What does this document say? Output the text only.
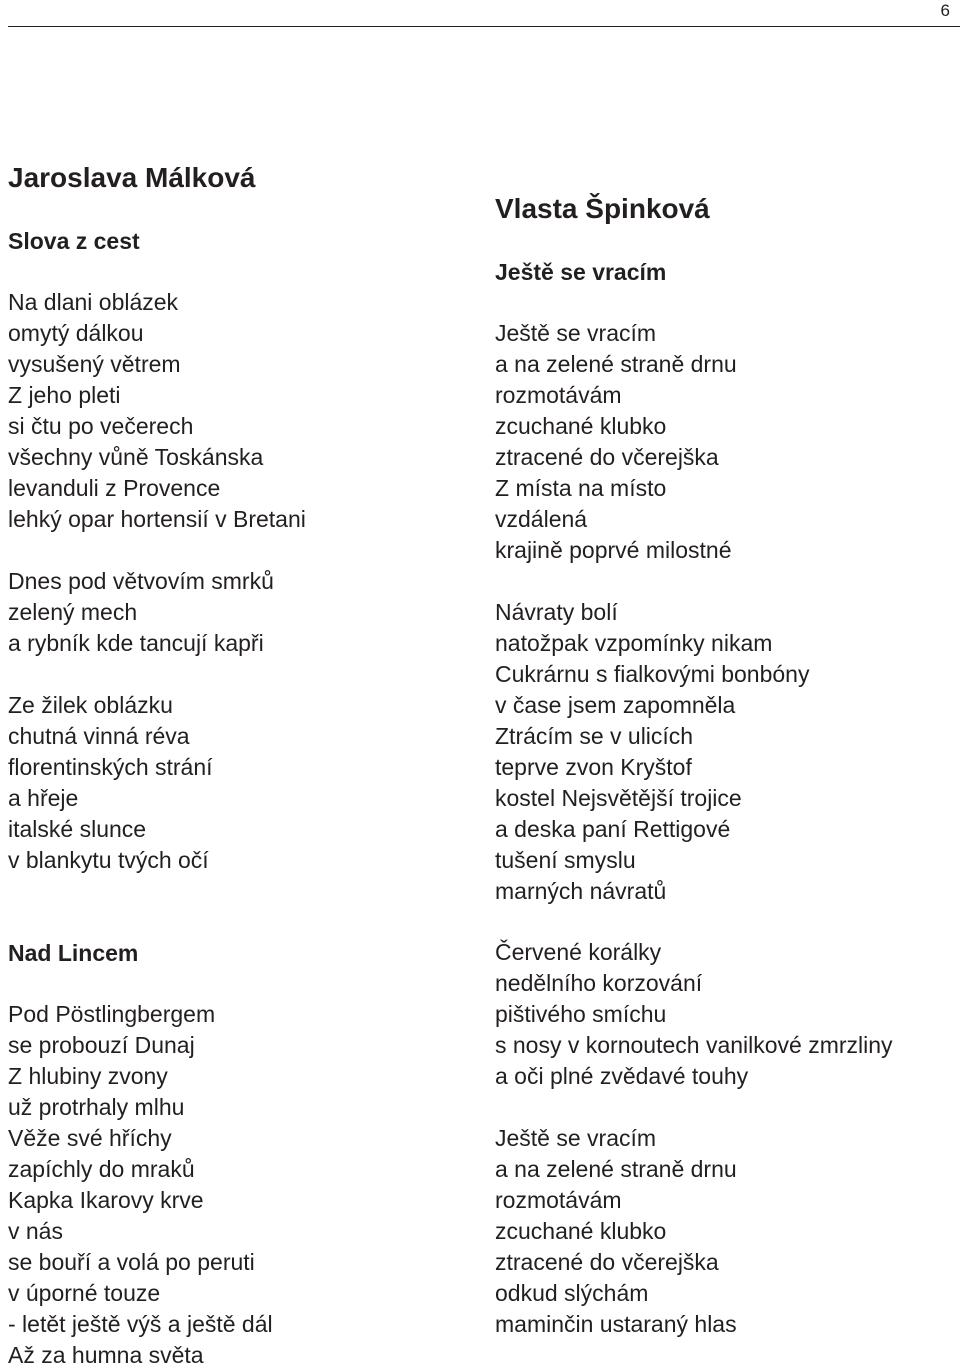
6
Jaroslava Málková
Slova z cest
Na dlani oblázek
omytý dálkou
vysušený větrem
Z jeho pleti
si čtu po večerech
všechny vůně Toskánska
levanduli z Provence
lehký opar hortensií v Bretani
Dnes pod větvovím smrků
zelený mech
a rybník kde tancují kapři
Ze žilek oblázku
chutná vinná réva
florentinských strání
a hřeje
italské slunce
v blankytu tvých očí
Nad Lincem
Pod Pöstlingbergem
se probouzí Dunaj
Z hlubiny zvony
už protrhaly mlhu
Věže své hříchy
zapíchly do mraků
Kapka Ikarovy krve
v nás
se bouří a volá po peruti
v úporné touze
- letět ještě výš a ještě dál
Až za humna světa
Vlasta Špinková
Ještě se vracím
Ještě se vracím
a na zelené straně drnu
rozmotávám
zcuchané klubko
ztracené do včerejška
Z místa na místo
vzdálená
krajině poprvé milostné
Návraty bolí
natožpak vzpomínky nikam
Cukrárnu s fialkovými bonbóny
v čase jsem zapomněla
Ztrácím se v ulicích
teprve zvon Kryštof
kostel Nejsvětější trojice
a deska paní Rettigové
tušení smyslu
marných návratů
Červené korálky
nedělního korzování
pištivého smíchu
s nosy v kornoutech vanilkové zmrzliny
a oči plné zvědavé touhy
Ještě se vracím
a na zelené straně drnu
rozmotávám
zcuchané klubko
ztracené do včerejška
odkud slýchám
maminčin ustaraný hlas
